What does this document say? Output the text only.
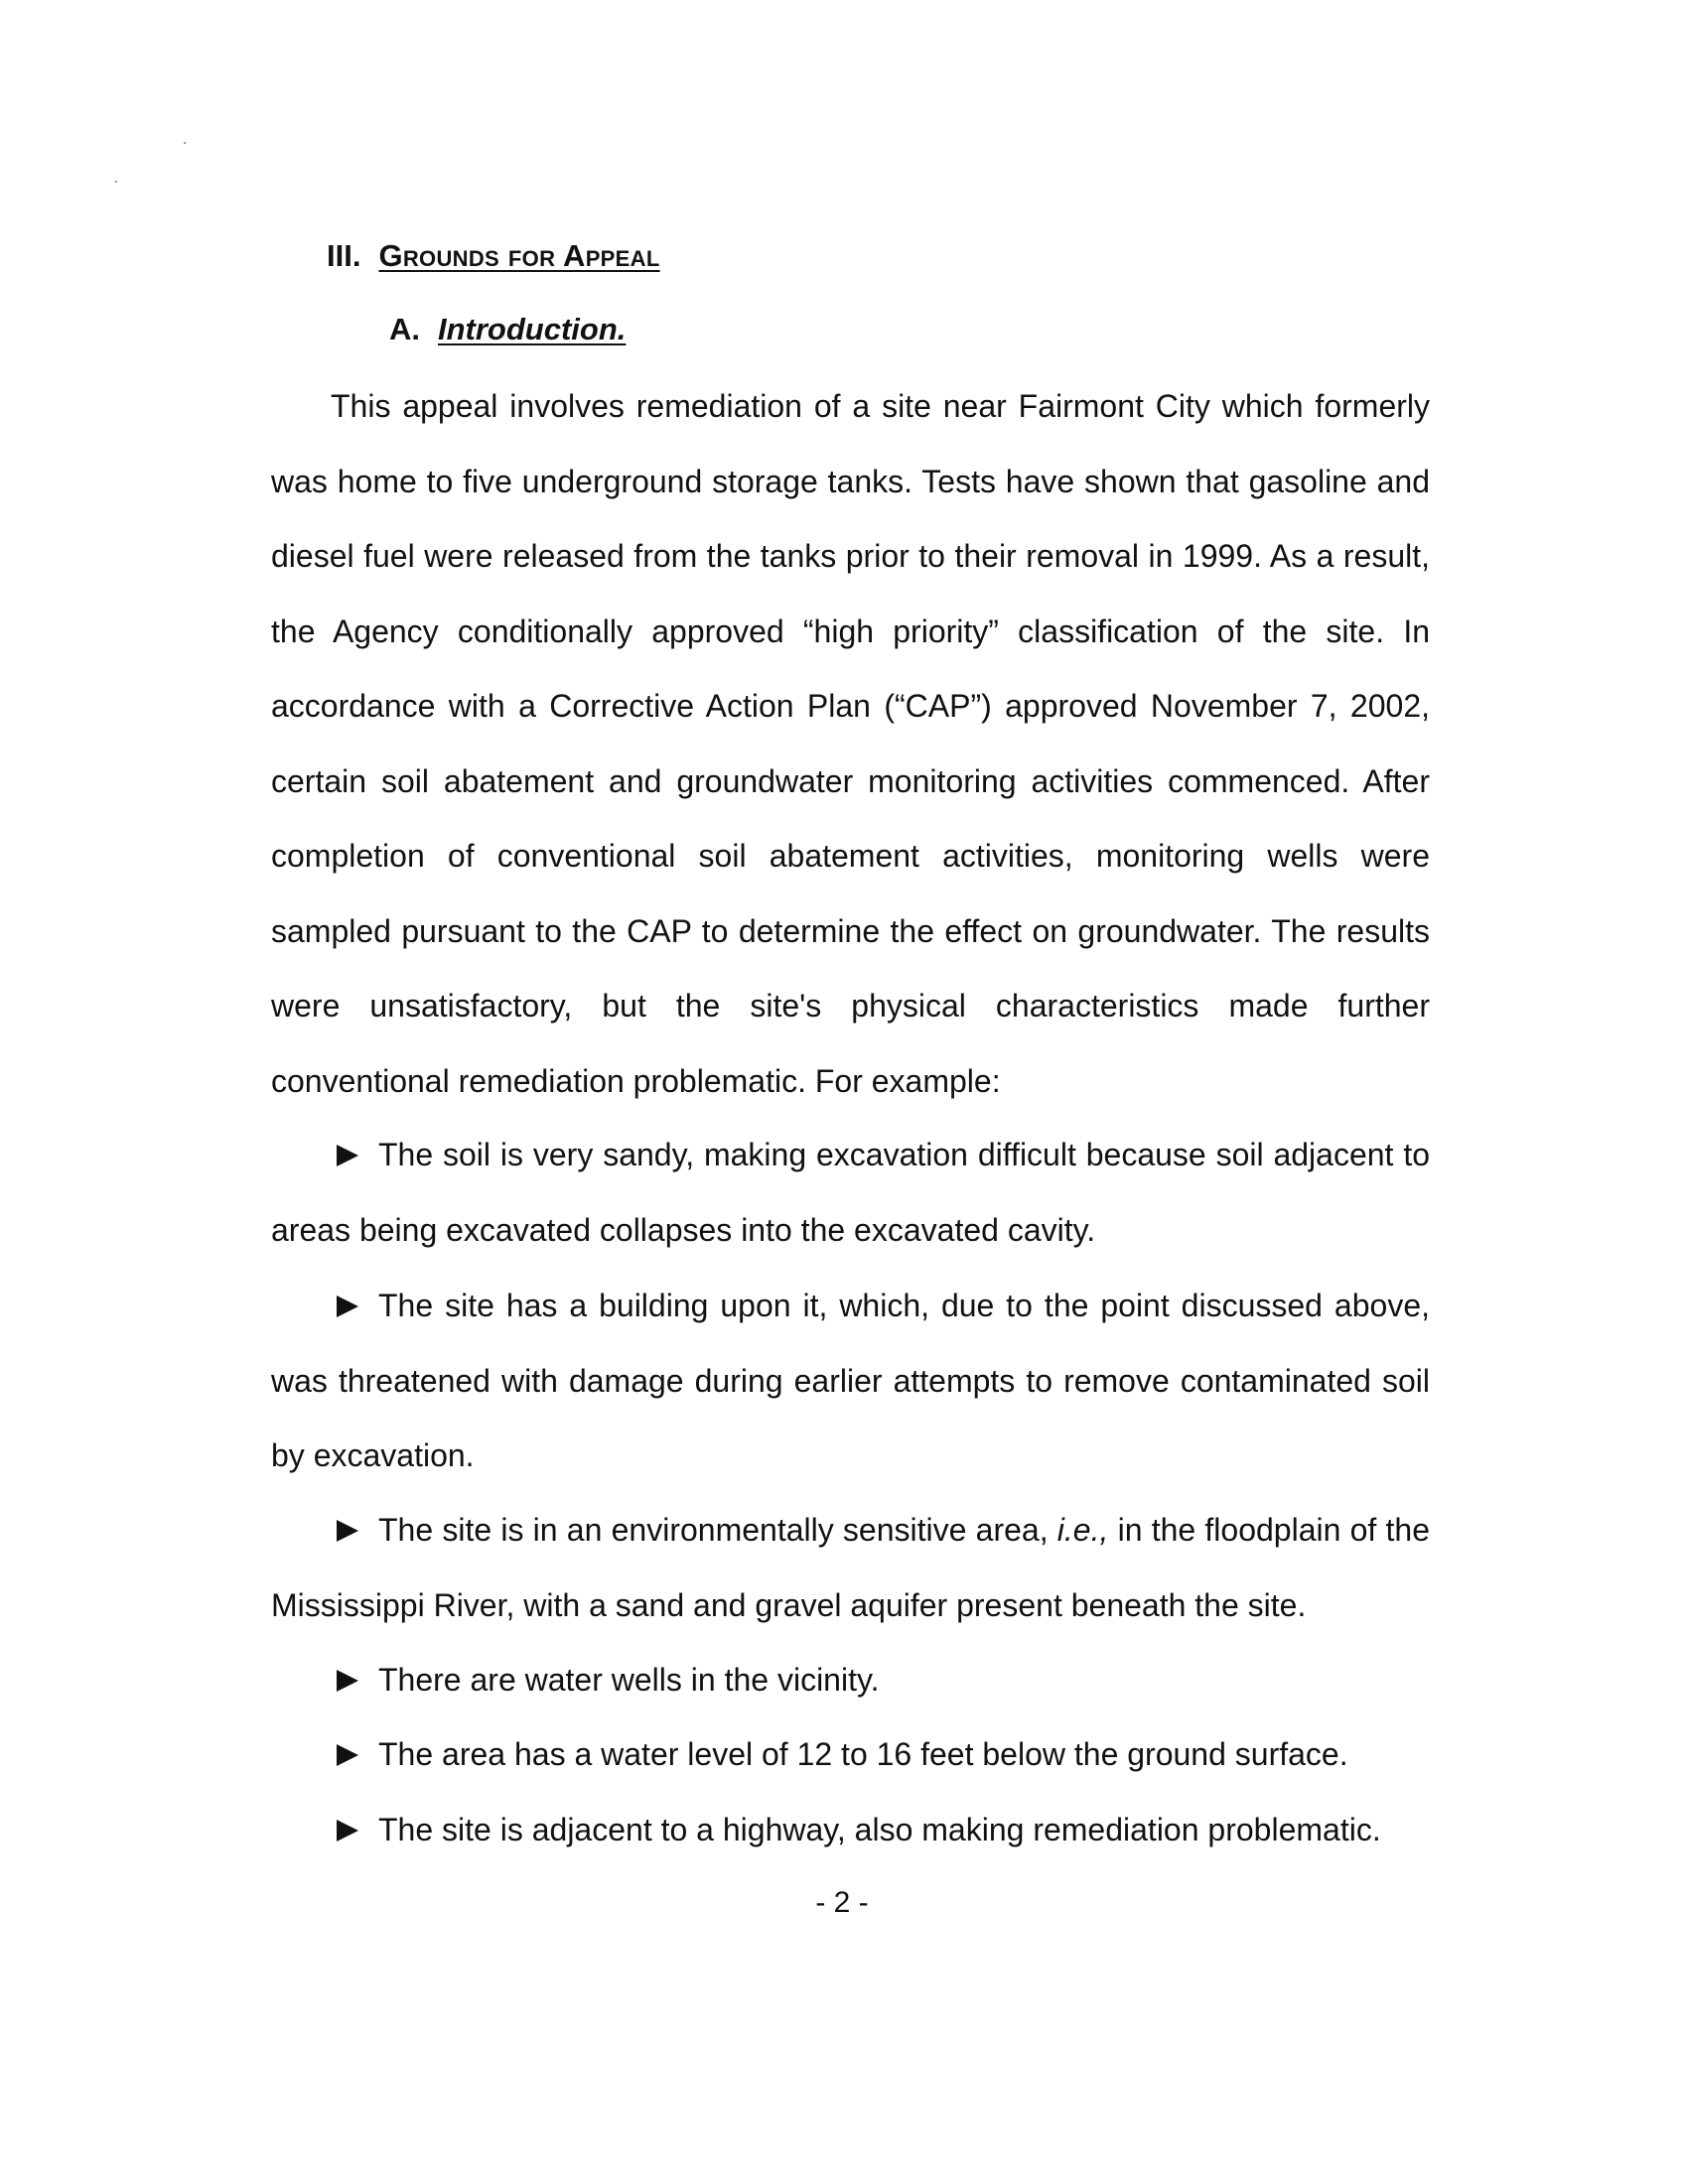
III. Grounds for Appeal
A. Introduction.

This appeal involves remediation of a site near Fairmont City which formerly was home to five underground storage tanks. Tests have shown that gasoline and diesel fuel were released from the tanks prior to their removal in 1999. As a result, the Agency conditionally approved “high priority” classification of the site. In accordance with a Corrective Action Plan (“CAP”) approved November 7, 2002, certain soil abatement and groundwater monitoring activities commenced. After completion of conventional soil abatement activities, monitoring wells were sampled pursuant to the CAP to determine the effect on groundwater. The results were unsatisfactory, but the site's physical characteristics made further conventional remediation problematic. For example:

The soil is very sandy, making excavation difficult because soil adjacent to areas being excavated collapses into the excavated cavity.

The site has a building upon it, which, due to the point discussed above, was threatened with damage during earlier attempts to remove contaminated soil by excavation.

The site is in an environmentally sensitive area, i.e., in the floodplain of the Mississippi River, with a sand and gravel aquifer present beneath the site.

There are water wells in the vicinity.

The area has a water level of 12 to 16 feet below the ground surface.

The site is adjacent to a highway, also making remediation problematic.

- 2 -
